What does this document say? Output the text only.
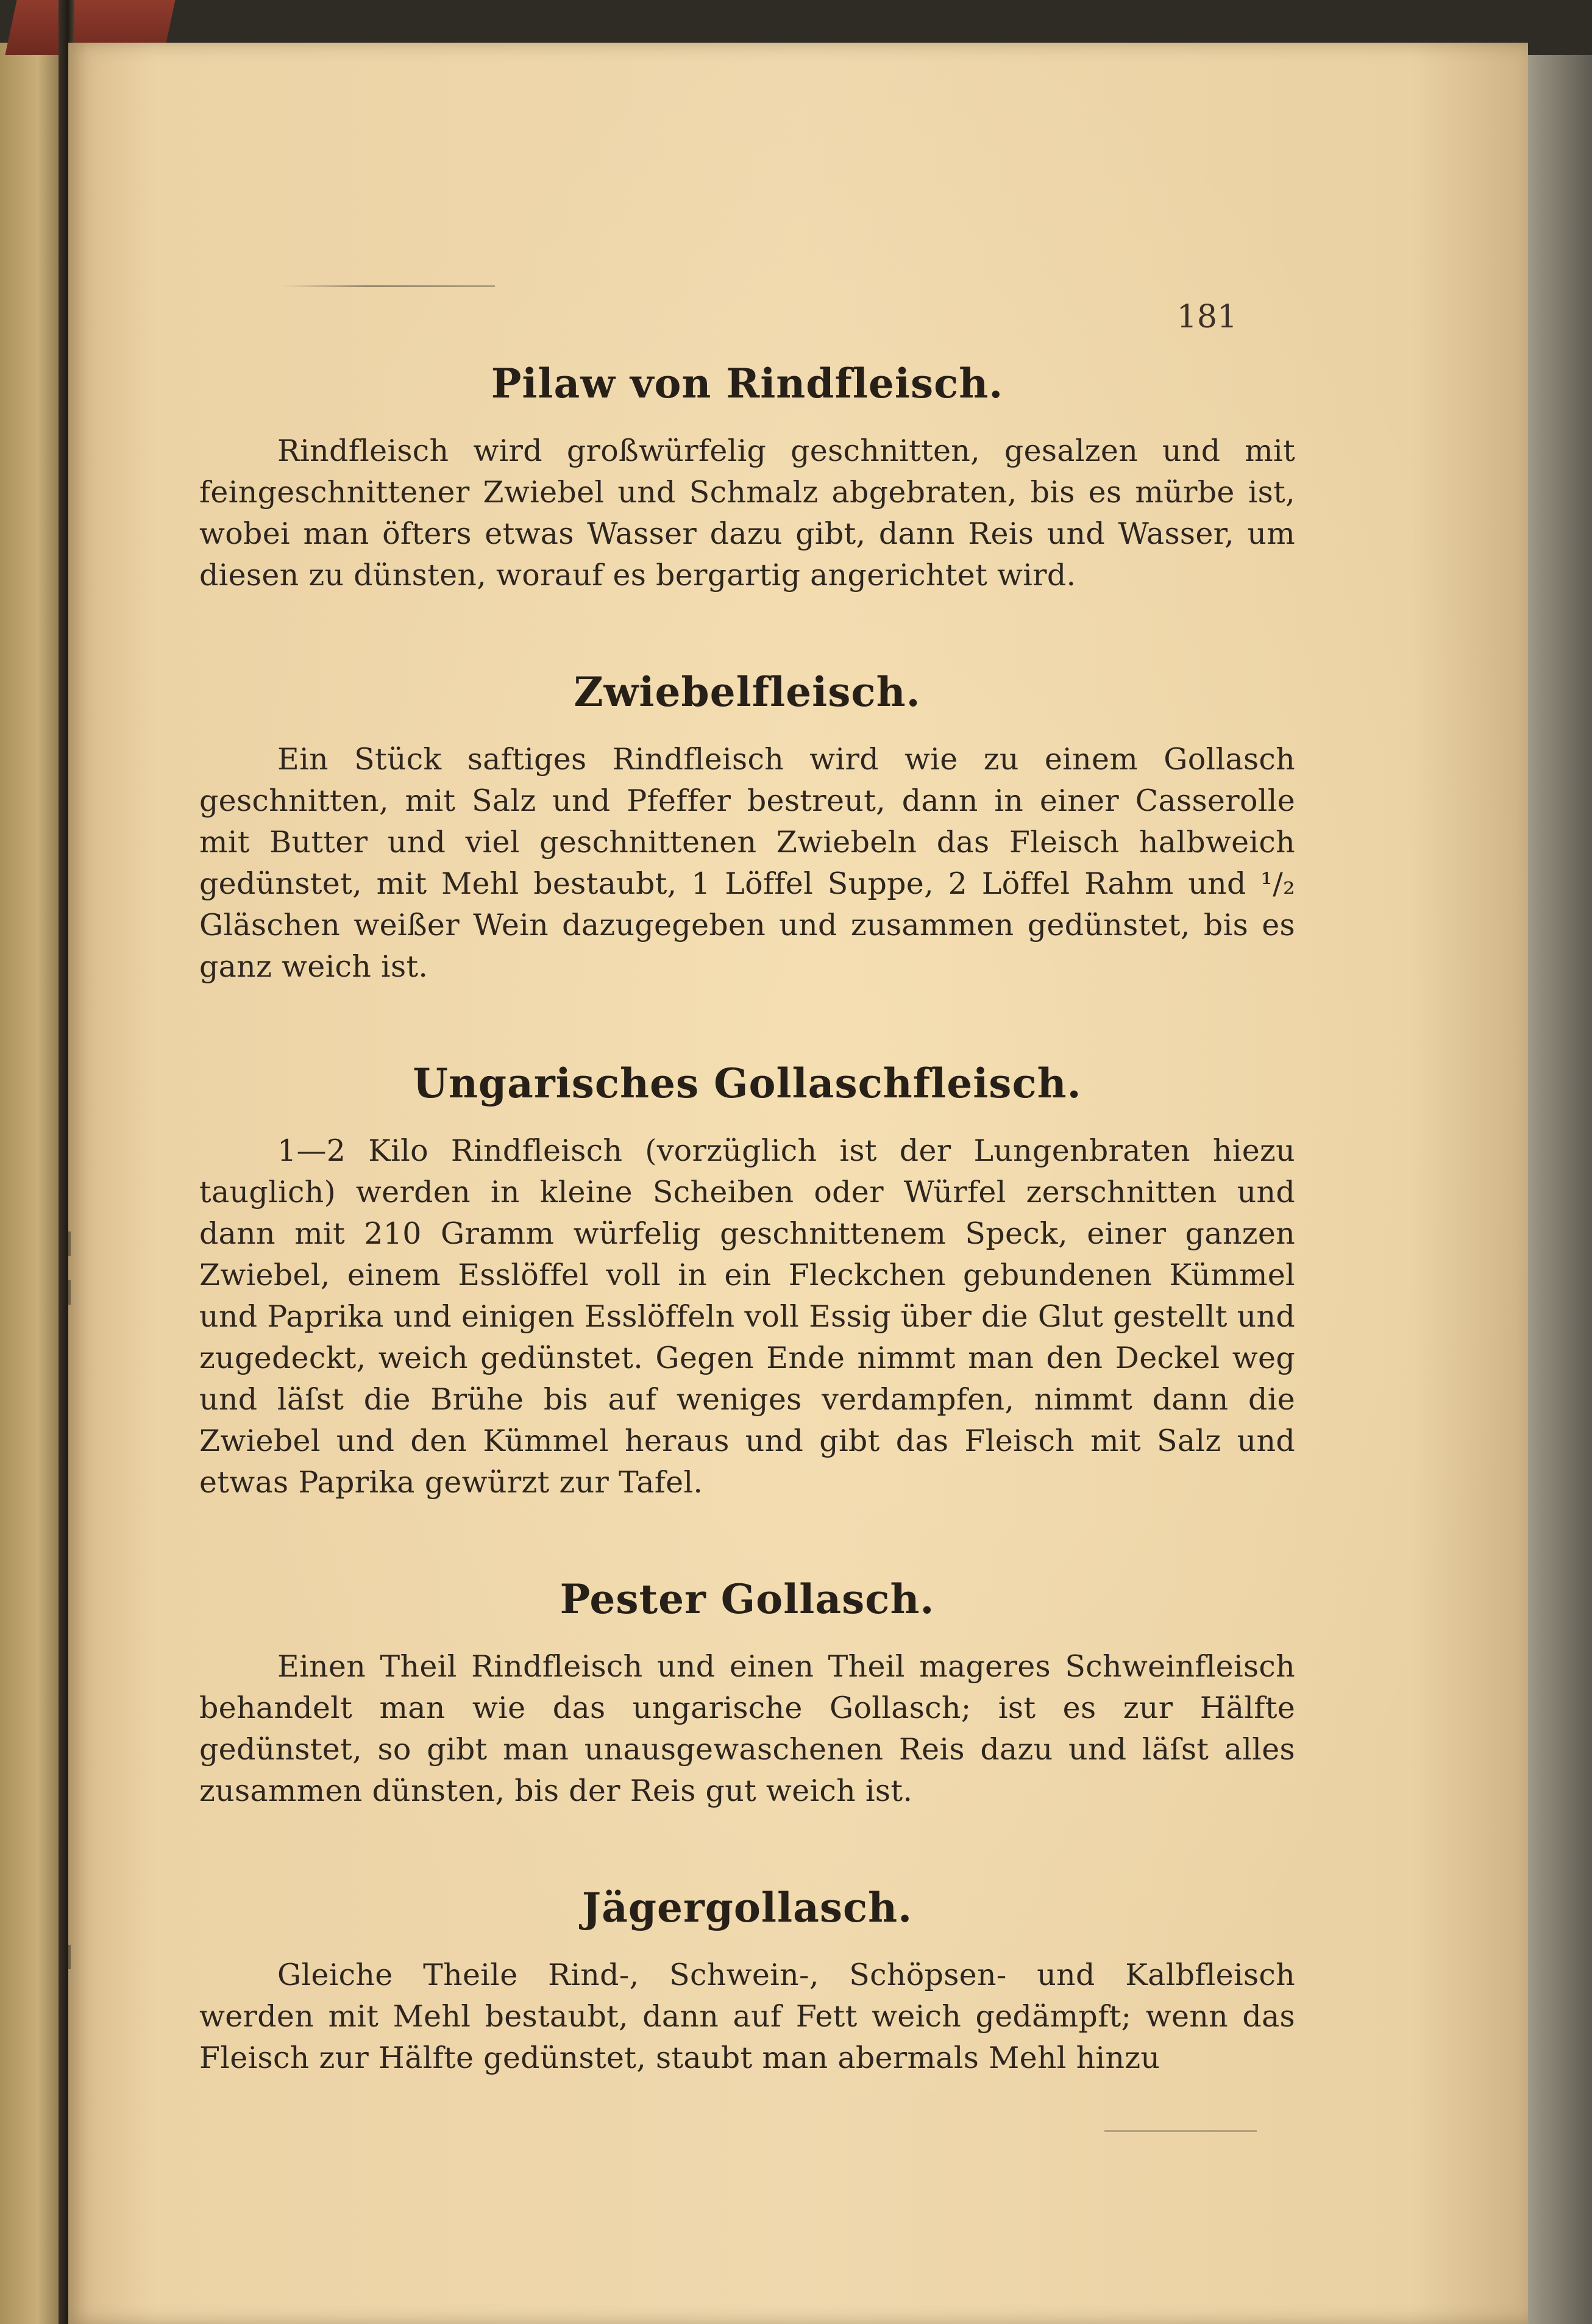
181
Pilaw von Rindfleisch.

Rindfleisch wird großwürfelig geschnitten, gesalzen und mit feingeschnittener Zwiebel und Schmalz abgebraten, bis es mürbe ist, wobei man öfters etwas Wasser dazu gibt, dann Reis und Wasser, um diesen zu dünsten, worauf es bergartig angerichtet wird.

Zwiebelfleisch.

Ein Stück saftiges Rindfleisch wird wie zu einem Gollasch geschnitten, mit Salz und Pfeffer bestreut, dann in einer Casserolle mit Butter und viel geschnittenen Zwiebeln das Fleisch halbweich gedünstet, mit Mehl bestaubt, 1 Löffel Suppe, 2 Löffel Rahm und ¹/₂ Gläschen weißer Wein dazugegeben und zusammen gedünstet, bis es ganz weich ist.

Ungarisches Gollaschfleisch.

1—2 Kilo Rindfleisch (vorzüglich ist der Lungenbraten hiezu tauglich) werden in kleine Scheiben oder Würfel zerschnitten und dann mit 210 Gramm würfelig geschnittenem Speck, einer ganzen Zwiebel, einem Esslöffel voll in ein Fleckchen gebundenen Kümmel und Paprika und einigen Esslöffeln voll Essig über die Glut gestellt und zugedeckt, weich gedünstet. Gegen Ende nimmt man den Deckel weg und läſst die Brühe bis auf weniges verdampfen, nimmt dann die Zwiebel und den Kümmel heraus und gibt das Fleisch mit Salz und etwas Paprika gewürzt zur Tafel.

Pester Gollasch.

Einen Theil Rindfleisch und einen Theil mageres Schweinfleisch behandelt man wie das ungarische Gollasch; ist es zur Hälfte gedünstet, so gibt man unausgewaschenen Reis dazu und läſst alles zusammen dünsten, bis der Reis gut weich ist.

Jägergollasch.

Gleiche Theile Rind-, Schwein-, Schöpsen- und Kalbfleisch werden mit Mehl bestaubt, dann auf Fett weich gedämpft; wenn das Fleisch zur Hälfte gedünstet, staubt man abermals Mehl hinzu
